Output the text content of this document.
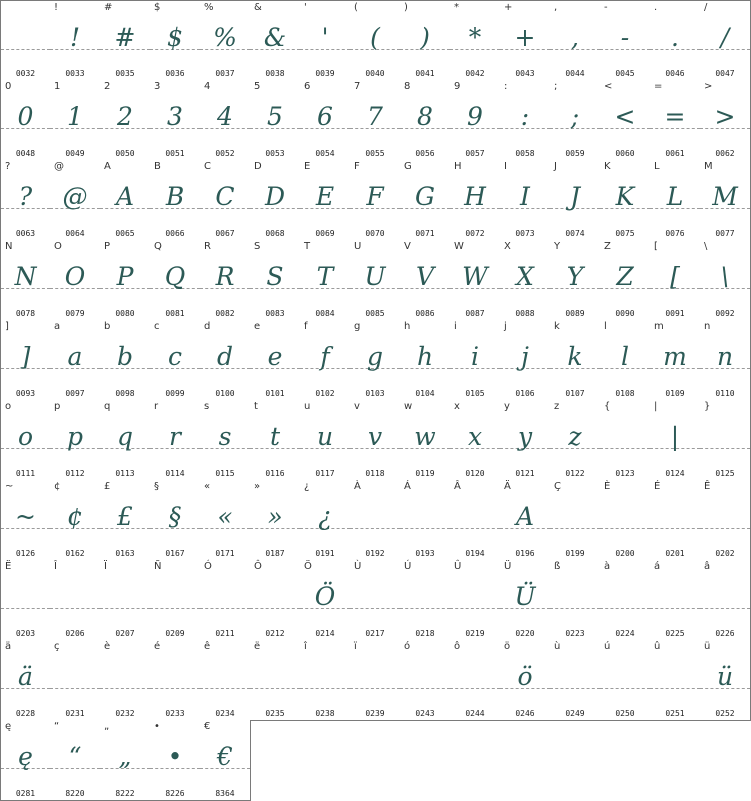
0032
!
!
0033
#
#
0035
$
$
0036
%
%
0037
&
&
0038
'
'
0039
(
(
0040
)
)
0041
*
*
0042
+
+
0043
,
,
0044
-
-
0045
.
.
0046
/
/
0047
0
0
0048
1
1
0049
2
2
0050
3
3
0051
4
4
0052
5
5
0053
6
6
0054
7
7
0055
8
8
0056
9
9
0057
:
:
0058
;
;
0059
<
<
0060
=
=
0061
>
>
0062
?
?
0063
@
@
0064
A
A
0065
B
B
0066
C
C
0067
D
D
0068
E
E
0069
F
F
0070
G
G
0071
H
H
0072
I
I
0073
J
J
0074
K
K
0075
L
L
0076
M
M
0077
N
N
0078
O
O
0079
P
P
0080
Q
Q
0081
R
R
0082
S
S
0083
T
T
0084
U
U
0085
V
V
0086
W
W
0087
X
X
0088
Y
Y
0089
Z
Z
0090
[
[
0091
\
\
0092
]
]
0093
a
a
0097
b
b
0098
c
c
0099
d
d
0100
e
e
0101
f
f
0102
g
g
0103
h
h
0104
i
i
0105
j
j
0106
k
k
0107
l
l
0108
m
m
0109
n
n
0110
o
o
0111
p
p
0112
q
q
0113
r
r
0114
s
s
0115
t
t
0116
u
u
0117
v
v
0118
w
w
0119
x
x
0120
y
y
0121
z
z
0122
{
0123
|
|
0124
}
0125
~
~
0126
¢
¢
0162
£
£
0163
§
§
0167
«
«
0171
»
»
0187
¿
¿
0191
À
0192
Á
0193
Â
0194
Ä
A
0196
Ç
0199
È
0200
É
0201
Ê
0202
Ë
0203
Î
0206
Ï
0207
Ñ
0209
Ó
0211
Ô
0212
Ö
Ö
0214
Ù
0217
Ú
0218
Û
0219
Ü
Ü
0220
ß
0223
à
0224
á
0225
â
0226
ä
ä
0228
ç
0231
è
0232
é
0233
ê
0234
ë
0235
î
0238
ï
0239
ó
0243
ô
0244
ö
ö
0246
ù
0249
ú
0250
û
0251
ü
ü
0252
ę
ę
0281
“
“
8220
„
„
8222
•
•
8226
€
€
8364
